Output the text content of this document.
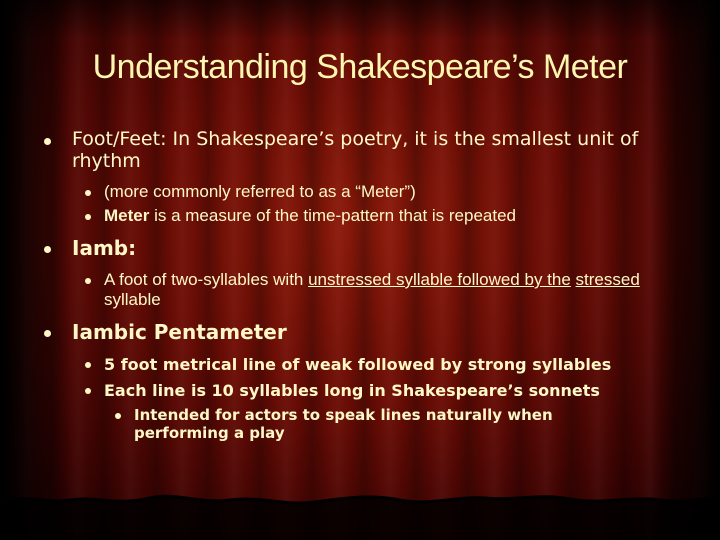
Understanding Shakespeare’s Meter
Foot/Feet: In Shakespeare’s poetry, it is the smallest unit of rhythm
(more commonly referred to as a “Meter”)
Meter is a measure of the time-pattern that is repeated
Iamb:
A foot of two-syllables with unstressed syllable followed by the stressed syllable
Iambic Pentameter
5 foot metrical line of weak followed by strong syllables
Each line is 10 syllables long in Shakespeare’s sonnets
Intended for actors to speak lines naturally when performing a play
